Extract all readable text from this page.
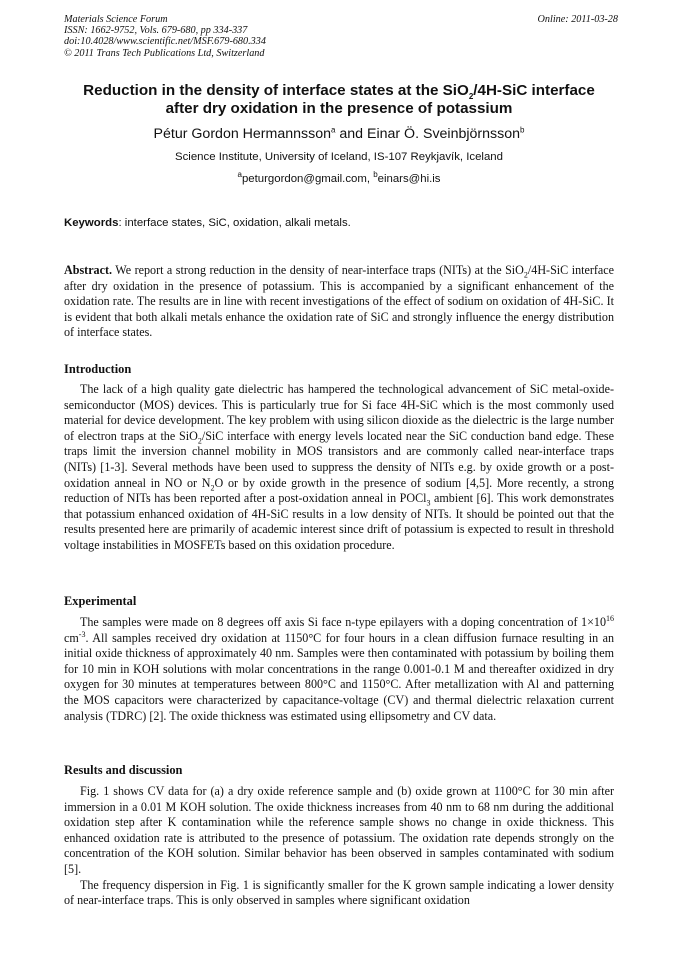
Materials Science Forum
ISSN: 1662-9752, Vols. 679-680, pp 334-337
doi:10.4028/www.scientific.net/MSF.679-680.334
© 2011 Trans Tech Publications Ltd, Switzerland
Online: 2011-03-28
Reduction in the density of interface states at the SiO$_2$/4H-SiC interface
after dry oxidation in the presence of potassium
Pétur Gordon Hermannsson$^a$ and Einar Ö. Sveinbjörnsson$^b$
Science Institute, University of Iceland, IS-107 Reykjavík, Iceland
$^a$peturgordon@gmail.com, $^b$einars@hi.is
Keywords: interface states, SiC, oxidation, alkali metals.

Abstract. We report a strong reduction in the density of near-interface traps (NITs) at the SiO$_2$/4H-SiC interface after dry oxidation in the presence of potassium. This is accompanied by a significant enhancement of the oxidation rate. The results are in line with recent investigations of the effect of sodium on oxidation of 4H-SiC. It is evident that both alkali metals enhance the oxidation rate of SiC and strongly influence the energy distribution of interface states.

Introduction

The lack of a high quality gate dielectric has hampered the technological advancement of SiC metal-oxide-semiconductor (MOS) devices. This is particularly true for Si face 4H-SiC which is the most commonly used material for device development. The key problem with using silicon dioxide as the dielectric is the large number of electron traps at the SiO$_2$/SiC interface with energy levels located near the SiC conduction band edge. These traps limit the inversion channel mobility in MOS transistors and are commonly called near-interface traps (NITs) [1-3]. Several methods have been used to suppress the density of NITs e.g. by oxide growth or a post-oxidation anneal in NO or $N_2O$ or by oxide growth in the presence of sodium [4,5]. More recently, a strong reduction of NITs has been reported after a post-oxidation anneal in POCl$_3$ ambient [6]. This work demonstrates that potassium enhanced oxidation of 4H-SiC results in a low density of NITs. It should be pointed out that the results presented here are primarily of academic interest since drift of potassium is expected to result in threshold voltage instabilities in MOSFETs based on this oxidation procedure.

Experimental

The samples were made on 8 degrees off axis Si face n-type epilayers with a doping concentration of $1\times 10^{16}$ $cm^{-3}$. All samples received dry oxidation at 1150°C for four hours in a clean diffusion furnace resulting in an initial oxide thickness of approximately 40 nm. Samples were then contaminated with potassium by boiling them for 10 min in KOH solutions with molar concentrations in the range 0.001-0.1 M and thereafter oxidized in dry oxygen for 30 minutes at temperatures between 800°C and 1150°C. After metallization with Al and patterning the MOS capacitors were characterized by capacitance-voltage (CV) and thermal dielectric relaxation current analysis (TDRC) [2]. The oxide thickness was estimated using ellipsometry and CV data.

Results and discussion

Fig. 1 shows CV data for (a) a dry oxide reference sample and (b) oxide grown at 1100°C for 30 min after immersion in a 0.01 M KOH solution. The oxide thickness increases from 40 nm to 68 nm during the additional oxidation step after K contamination while the reference sample shows no change in oxide thickness. This enhanced oxidation rate is attributed to the presence of potassium. The oxidation rate depends strongly on the concentration of the KOH solution. Similar behavior has been observed in samples contaminated with sodium [5].

The frequency dispersion in Fig. 1 is significantly smaller for the K grown sample indicating a lower density of near-interface traps. This is only observed in samples where significant oxidation
